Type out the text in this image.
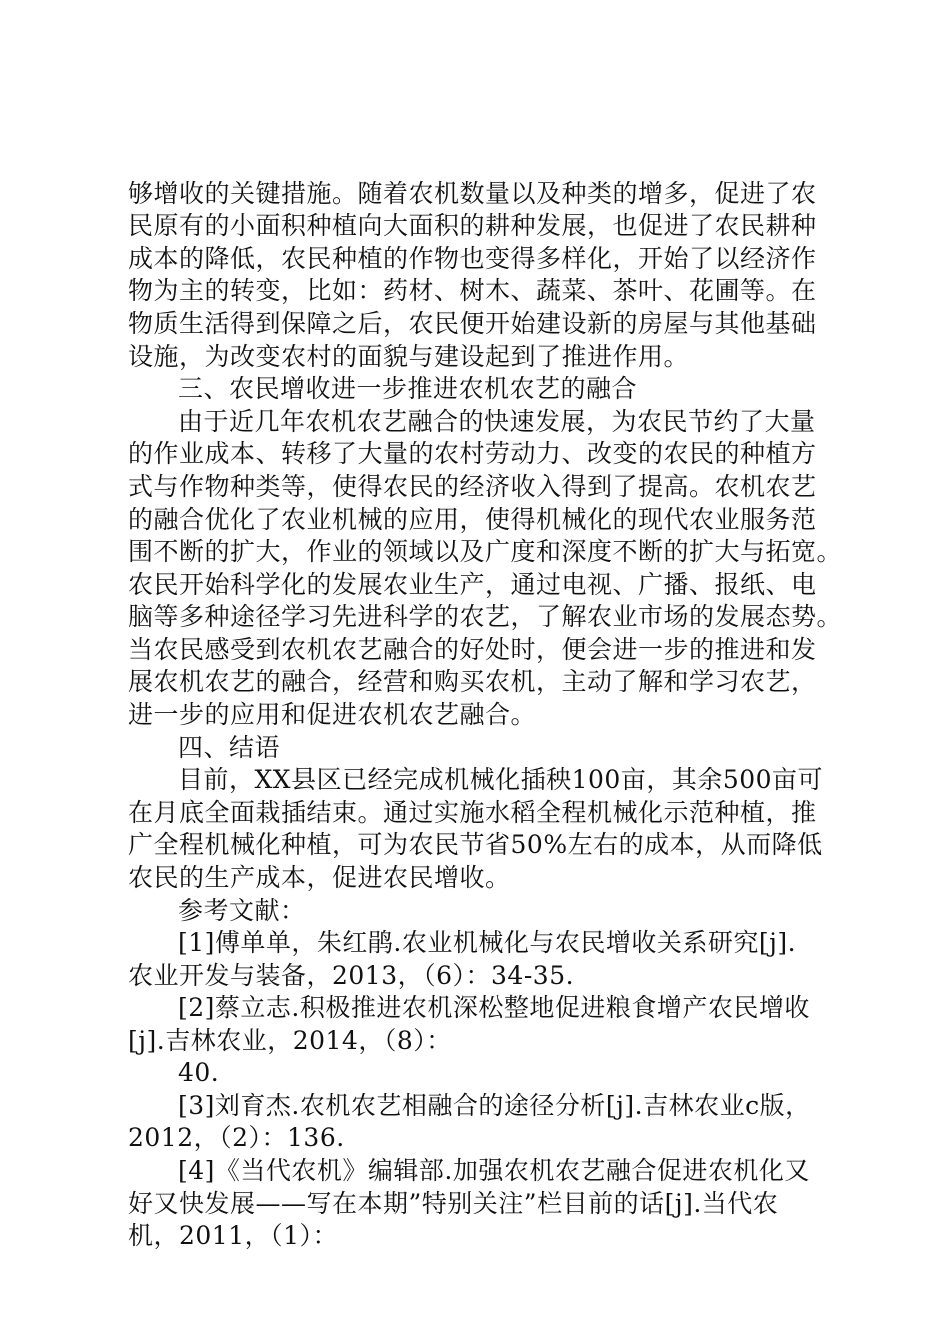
够增收的关键措施。随着农机数量以及种类的增多，促进了农
民原有的小面积种植向大面积的耕种发展，也促进了农民耕种
成本的降低，农民种植的作物也变得多样化，开始了以经济作
物为主的转变，比如：药材、树木、蔬菜、茶叶、花圃等。在
物质生活得到保障之后，农民便开始建设新的房屋与其他基础
设施，为改变农村的面貌与建设起到了推进作用。
三、农民增收进一步推进农机农艺的融合
由于近几年农机农艺融合的快速发展，为农民节约了大量
的作业成本、转移了大量的农村劳动力、改变的农民的种植方
式与作物种类等，使得农民的经济收入得到了提高。农机农艺
的融合优化了农业机械的应用，使得机械化的现代农业服务范
围不断的扩大，作业的领域以及广度和深度不断的扩大与拓宽。
农民开始科学化的发展农业生产，通过电视、广播、报纸、电
脑等多种途径学习先进科学的农艺，了解农业市场的发展态势。
当农民感受到农机农艺融合的好处时，便会进一步的推进和发
展农机农艺的融合，经营和购买农机，主动了解和学习农艺，
进一步的应用和促进农机农艺融合。
四、结语
目前，XX县区已经完成机械化插秧100亩，其余500亩可
在月底全面栽插结束。通过实施水稻全程机械化示范种植，推
广全程机械化种植，可为农民节省50%左右的成本，从而降低
农民的生产成本，促进农民增收。
参考文献：
[1]傅单单，朱红鹃.农业机械化与农民增收关系研究[j].
农业开发与装备，2013，（6）：34-35.
[2]蔡立志.积极推进农机深松整地促进粮食增产农民增收
[j].吉林农业，2014，（8）：
40.
[3]刘育杰.农机农艺相融合的途径分析[j].吉林农业c版，
2012，（2）：136.
[4]《当代农机》编辑部.加强农机农艺融合促进农机化又
好又快发展——写在本期”特别关注”栏目前的话[j].当代农
机，2011，（1）：
